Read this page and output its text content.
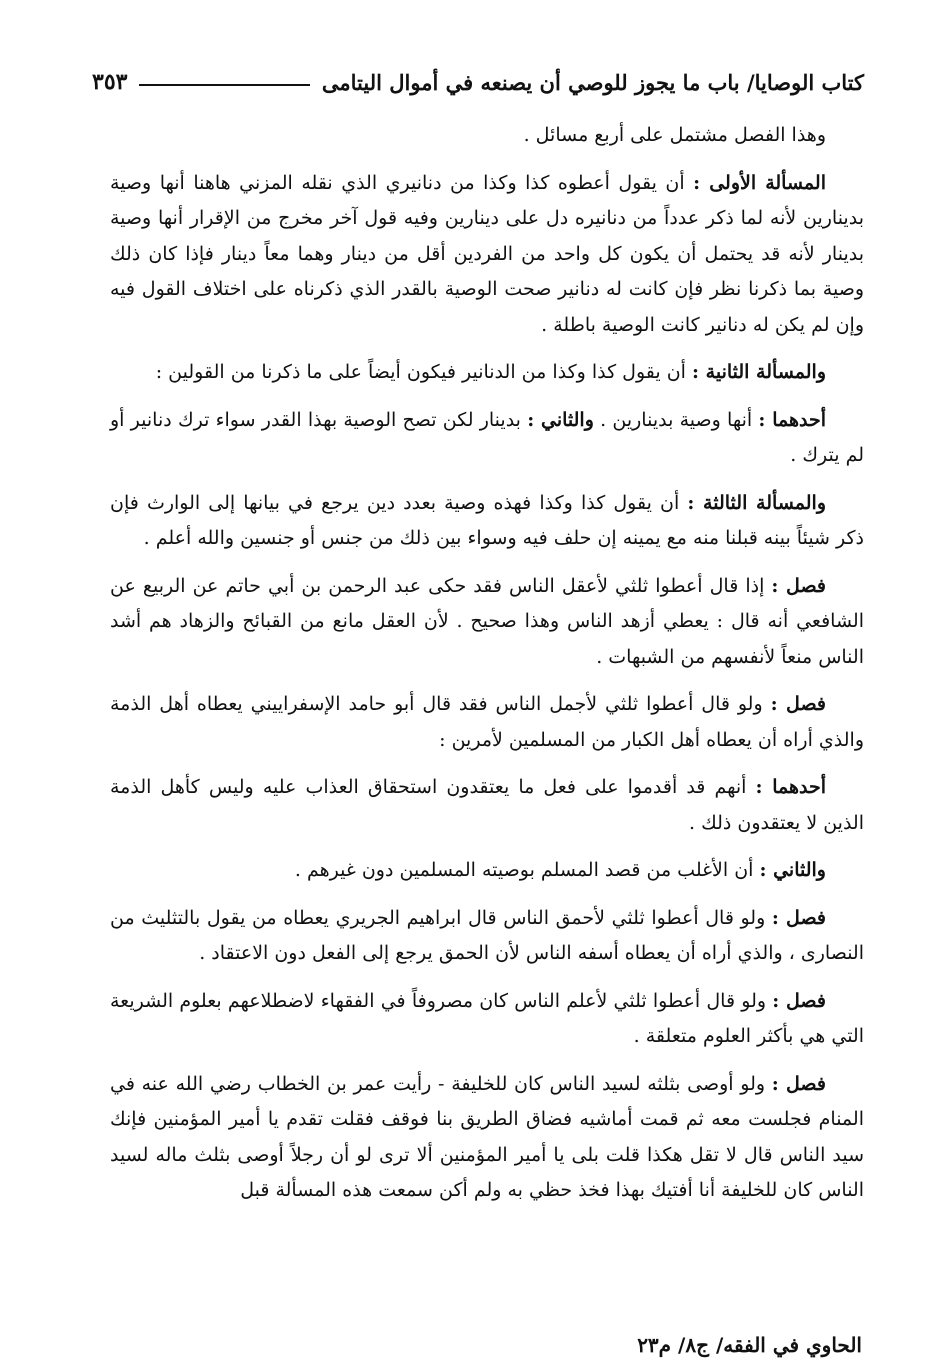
كتاب الوصايا/ باب ما يجوز للوصي أن يصنعه في أموال اليتامى
٣٥٣

وهذا الفصل مشتمل على أربع مسائل .

المسألة الأولى : أن يقول أعطوه كذا وكذا من دنانيري الذي نقله المزني هاهنا أنها وصية بدينارين لأنه لما ذكر عدداً من دنانيره دل على دينارين وفيه قول آخر مخرج من الإقرار أنها وصية بدينار لأنه قد يحتمل أن يكون كل واحد من الفردين أقل من دينار وهما معاً دينار فإذا كان ذلك وصية بما ذكرنا نظر فإن كانت له دنانير صحت الوصية بالقدر الذي ذكرناه على اختلاف القول فيه وإن لم يكن له دنانير كانت الوصية باطلة .

والمسألة الثانية : أن يقول كذا وكذا من الدنانير فيكون أيضاً على ما ذكرنا من القولين :

أحدهما : أنها وصية بدينارين . والثاني : بدينار لكن تصح الوصية بهذا القدر سواء ترك دنانير أو لم يترك .

والمسألة الثالثة : أن يقول كذا وكذا فهذه وصية بعدد دين يرجع في بيانها إلى الوارث فإن ذكر شيئاً بينه قبلنا منه مع يمينه إن حلف فيه وسواء بين ذلك من جنس أو جنسين والله أعلم .

فصل : إذا قال أعطوا ثلثي لأعقل الناس فقد حكى عبد الرحمن بن أبي حاتم عن الربيع عن الشافعي أنه قال : يعطي أزهد الناس وهذا صحيح . لأن العقل مانع من القبائح والزهاد هم أشد الناس منعاً لأنفسهم من الشبهات .

فصل : ولو قال أعطوا ثلثي لأجمل الناس فقد قال أبو حامد الإسفراييني يعطاه أهل الذمة والذي أراه أن يعطاه أهل الكبار من المسلمين لأمرين :

أحدهما : أنهم قد أقدموا على فعل ما يعتقدون استحقاق العذاب عليه وليس كأهل الذمة الذين لا يعتقدون ذلك .

والثاني : أن الأغلب من قصد المسلم بوصيته المسلمين دون غيرهم .

فصل : ولو قال أعطوا ثلثي لأحمق الناس قال ابراهيم الجريري يعطاه من يقول بالتثليث من النصارى ، والذي أراه أن يعطاه أسفه الناس لأن الحمق يرجع إلى الفعل دون الاعتقاد .

فصل : ولو قال أعطوا ثلثي لأعلم الناس كان مصروفاً في الفقهاء لاضطلاعهم بعلوم الشريعة التي هي بأكثر العلوم متعلقة .

فصل : ولو أوصى بثلثه لسيد الناس كان للخليفة - رأيت عمر بن الخطاب رضي الله عنه في المنام فجلست معه ثم قمت أماشيه فضاق الطريق بنا فوقف فقلت تقدم يا أمير المؤمنين فإنك سيد الناس قال لا تقل هكذا قلت بلى يا أمير المؤمنين ألا ترى لو أن رجلاً أوصى بثلث ماله لسيد الناس كان للخليفة أنا أفتيك بهذا فخذ حظي به ولم أكن سمعت هذه المسألة قبل

الحاوي في الفقه/ ج٨/ م٢٣
